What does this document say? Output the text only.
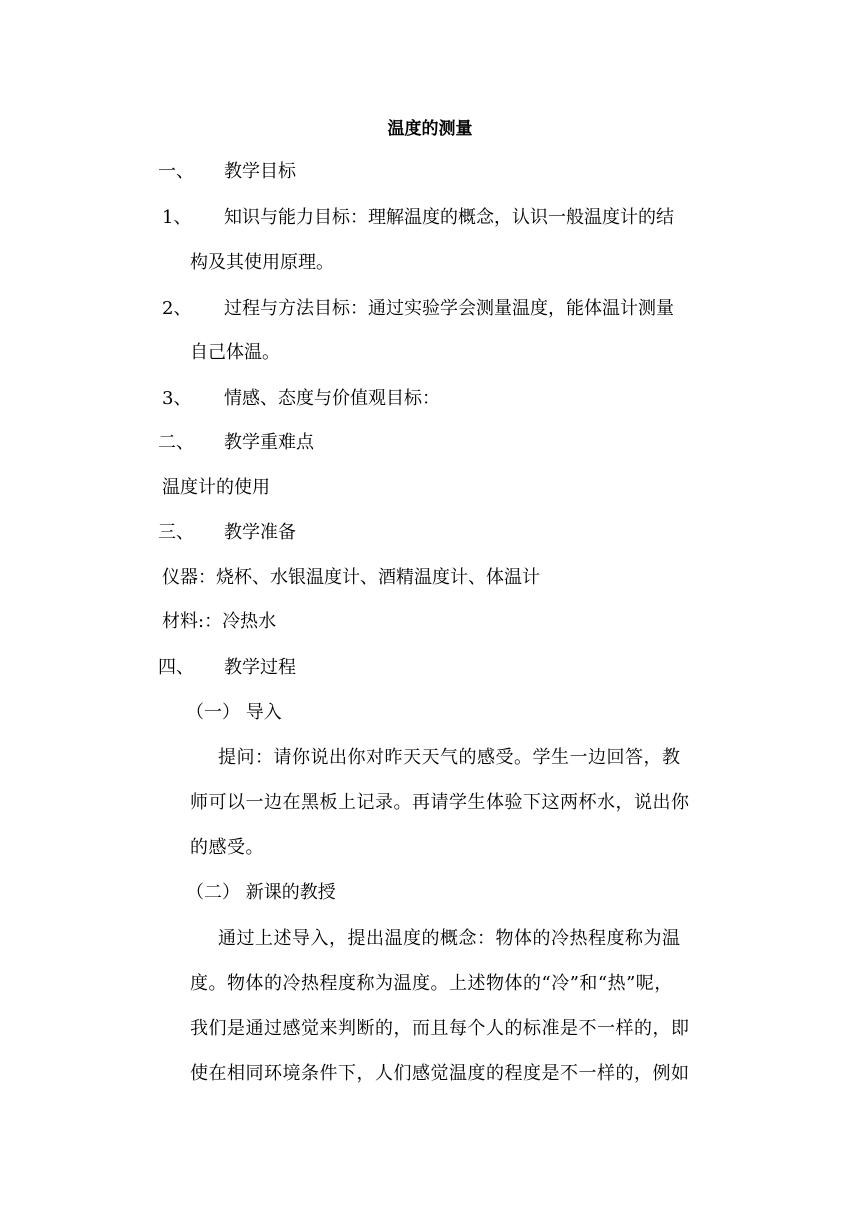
温度的测量

一、 教学目标

1、 知识与能力目标：理解温度的概念，认识一般温度计的结

构及其使用原理。

2、 过程与方法目标：通过实验学会测量温度，能体温计测量

自己体温。

3、 情感、态度与价值观目标：

二、 教学重难点

温度计的使用

三、 教学准备

仪器：烧杯、水银温度计、酒精温度计、体温计

材料:：冷热水

四、 教学过程

（一） 导入

提问：请你说出你对昨天天气的感受。学生一边回答，教

师可以一边在黑板上记录。再请学生体验下这两杯水，说出你

的感受。

（二） 新课的教授

通过上述导入，提出温度的概念：物体的冷热程度称为温

度。物体的冷热程度称为温度。上述物体的“冷”和“热”呢，

我们是通过感觉来判断的，而且每个人的标准是不一样的，即

使在相同环境条件下，人们感觉温度的程度是不一样的，例如
